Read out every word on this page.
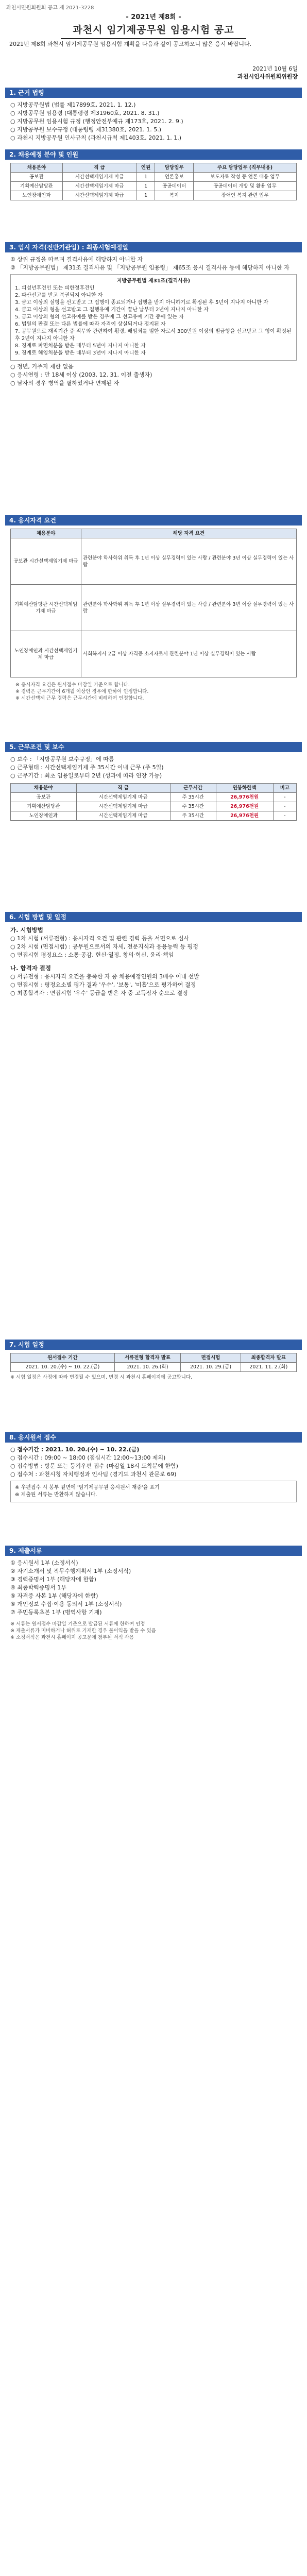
과천시민원회원회 공고 제 2021-3228
- 2021년 제8회 -
과천시 임기제공무원 임용시험 공고
2021년 제8회 과천시 임기제공무원 임용시험 계획을 다음과 같이 공고하오니 많은 응시 바랍니다.
2021년 10월 6일
과천시인사위원회위원장
1. 근거 법령

○ 지방공무원법 (법률 제17899호, 2021. 1. 12.)

○ 지방공무원 임용령 (대통령령 제31960호, 2021. 8. 31.)

○ 지방공무원 임용시험 규정 (행정안전부예규 제173호, 2021. 2. 9.)

○ 지방공무원 보수규정 (대통령령 제31380호, 2021. 1. 5.)

○ 과천시 지방공무원 인사규칙 (과천시규칙 제1403호, 2021. 1. 1.)

2. 채용예정 분야 및 인원
채용분야	직 급	인원	담당업무	주요 담당업무 (직무내용)
공보관	시간선택제임기제 마급	1	언론홍보	보도자료 작성 등 언론 대응 업무
기획예산담당관	시간선택제임기제 마급	1	공공데이터	공공데이터 개방 및 활용 업무
노인장애인과	시간선택제임기제 마급	1	복지	장애인 복지 관련 업무
3. 임시 자격(전반기관입) : 최종시험예정일

① 상위 규정을 따르며 결격사유에 해당하지 아니한 자

② 「지방공무원법」 제31조 결격사유 및 「지방공무원 임용령」 제65조 응시 결격사유 등에 해당하지 아니한 자

지방공무원법 제31조(결격사유)
1. 피성년후견인 또는 피한정후견인
2. 파산선고를 받고 복권되지 아니한 자
3. 금고 이상의 실형을 선고받고 그 집행이 종료되거나 집행을 받지 아니하기로 확정된 후 5년이 지나지 아니한 자
4. 금고 이상의 형을 선고받고 그 집행유예 기간이 끝난 날부터 2년이 지나지 아니한 자
5. 금고 이상의 형의 선고유예를 받은 경우에 그 선고유예 기간 중에 있는 자
6. 법원의 판결 또는 다른 법률에 따라 자격이 상실되거나 정지된 자
7. 공무원으로 재직기간 중 직무와 관련하여 횡령, 배임죄를 범한 자로서 300만원 이상의 벌금형을 선고받고 그 형이 확정된 후 2년이 지나지 아니한 자
8. 징계로 파면처분을 받은 때부터 5년이 지나지 아니한 자
9. 징계로 해임처분을 받은 때부터 3년이 지나지 아니한 자

○ 정년, 거주지 제한 없음

○ 응시연령 : 만 18세 이상 (2003. 12. 31. 이전 출생자)

○ 남자의 경우 병역을 필하였거나 면제된 자

4. 응시자격 요건
채용분야	해당 자격 요건
공보관 시간선택제임기제 마급	관련분야 학사학위 취득 후 1년 이상 실무경력이 있는 사람 / 관련분야 3년 이상 실무경력이 있는 사람
기획예산담당관 시간선택제임기제 마급	관련분야 학사학위 취득 후 1년 이상 실무경력이 있는 사람 / 관련분야 3년 이상 실무경력이 있는 사람
노인장애인과 시간선택제임기제 마급	사회복지사 2급 이상 자격증 소지자로서 관련분야 1년 이상 실무경력이 있는 사람
※ 응시자격 요건은 원서접수 마감일 기준으로 합니다.
※ 경력은 근무기간이 6개월 이상인 경우에 한하여 인정합니다.
※ 시간선택제 근무 경력은 근무시간에 비례하여 인정합니다.
5. 근무조건 및 보수

○ 보수 : 「지방공무원 보수규정」에 따름

○ 근무형태 : 시간선택제임기제 주 35시간 이내 근무 (주 5일)

○ 근무기간 : 최초 임용일로부터 2년 (성과에 따라 연장 가능)

채용분야	직 급	근무시간	연봉하한액	비고
공보관	시간선택제임기제 마급	주 35시간	26,976천원	-
기획예산담당관	시간선택제임기제 마급	주 35시간	26,976천원	-
노인장애인과	시간선택제임기제 마급	주 35시간	26,976천원	-
6. 시험 방법 및 일정
가. 시험방법

○ 1차 시험 (서류전형) : 응시자격 요건 및 관련 경력 등을 서면으로 심사

○ 2차 시험 (면접시험) : 공무원으로서의 자세, 전문지식과 응용능력 등 평정

○ 면접시험 평정요소 : 소통·공감, 헌신·열정, 창의·혁신, 윤리·책임

나. 합격자 결정

○ 서류전형 : 응시자격 요건을 충족한 자 중 채용예정인원의 3배수 이내 선발

○ 면접시험 : 평정요소별 평가 결과 '우수', '보통', '미흡'으로 평가하여 결정

○ 최종합격자 : 면접시험 '우수' 등급을 받은 자 중 고득점자 순으로 결정

7. 시험 일정
원서접수 기간	서류전형 합격자 발표	면접시험	최종합격자 발표
2021. 10. 20.(수) ~ 10. 22.(금)	2021. 10. 26.(화)	2021. 10. 29.(금)	2021. 11. 2.(화)
※ 시험 일정은 사정에 따라 변경될 수 있으며, 변경 시 과천시 홈페이지에 공고합니다.
8. 응시원서 접수

○ 접수기간 : 2021. 10. 20.(수) ~ 10. 22.(금)

○ 접수시간 : 09:00 ~ 18:00 (점심시간 12:00~13:00 제외)

○ 접수방법 : 방문 또는 등기우편 접수 (마감일 18시 도착분에 한함)

○ 접수처 : 과천시청 자치행정과 인사팀 (경기도 과천시 관문로 69)

※ 우편접수 시 봉투 겉면에 '임기제공무원 응시원서 재중'을 표기
※ 제출된 서류는 반환하지 않습니다.
9. 제출서류

① 응시원서 1부 (소정서식)

② 자기소개서 및 직무수행계획서 1부 (소정서식)

③ 경력증명서 1부 (해당자에 한함)

④ 최종학력증명서 1부

⑤ 자격증 사본 1부 (해당자에 한함)

⑥ 개인정보 수집·이용 동의서 1부 (소정서식)

⑦ 주민등록초본 1부 (병역사항 기재)

※ 서류는 원서접수 마감일 기준으로 발급된 서류에 한하여 인정
※ 제출서류가 미비하거나 허위로 기재한 경우 불이익을 받을 수 있음
※ 소정서식은 과천시 홈페이지 공고문에 첨부된 서식 사용
